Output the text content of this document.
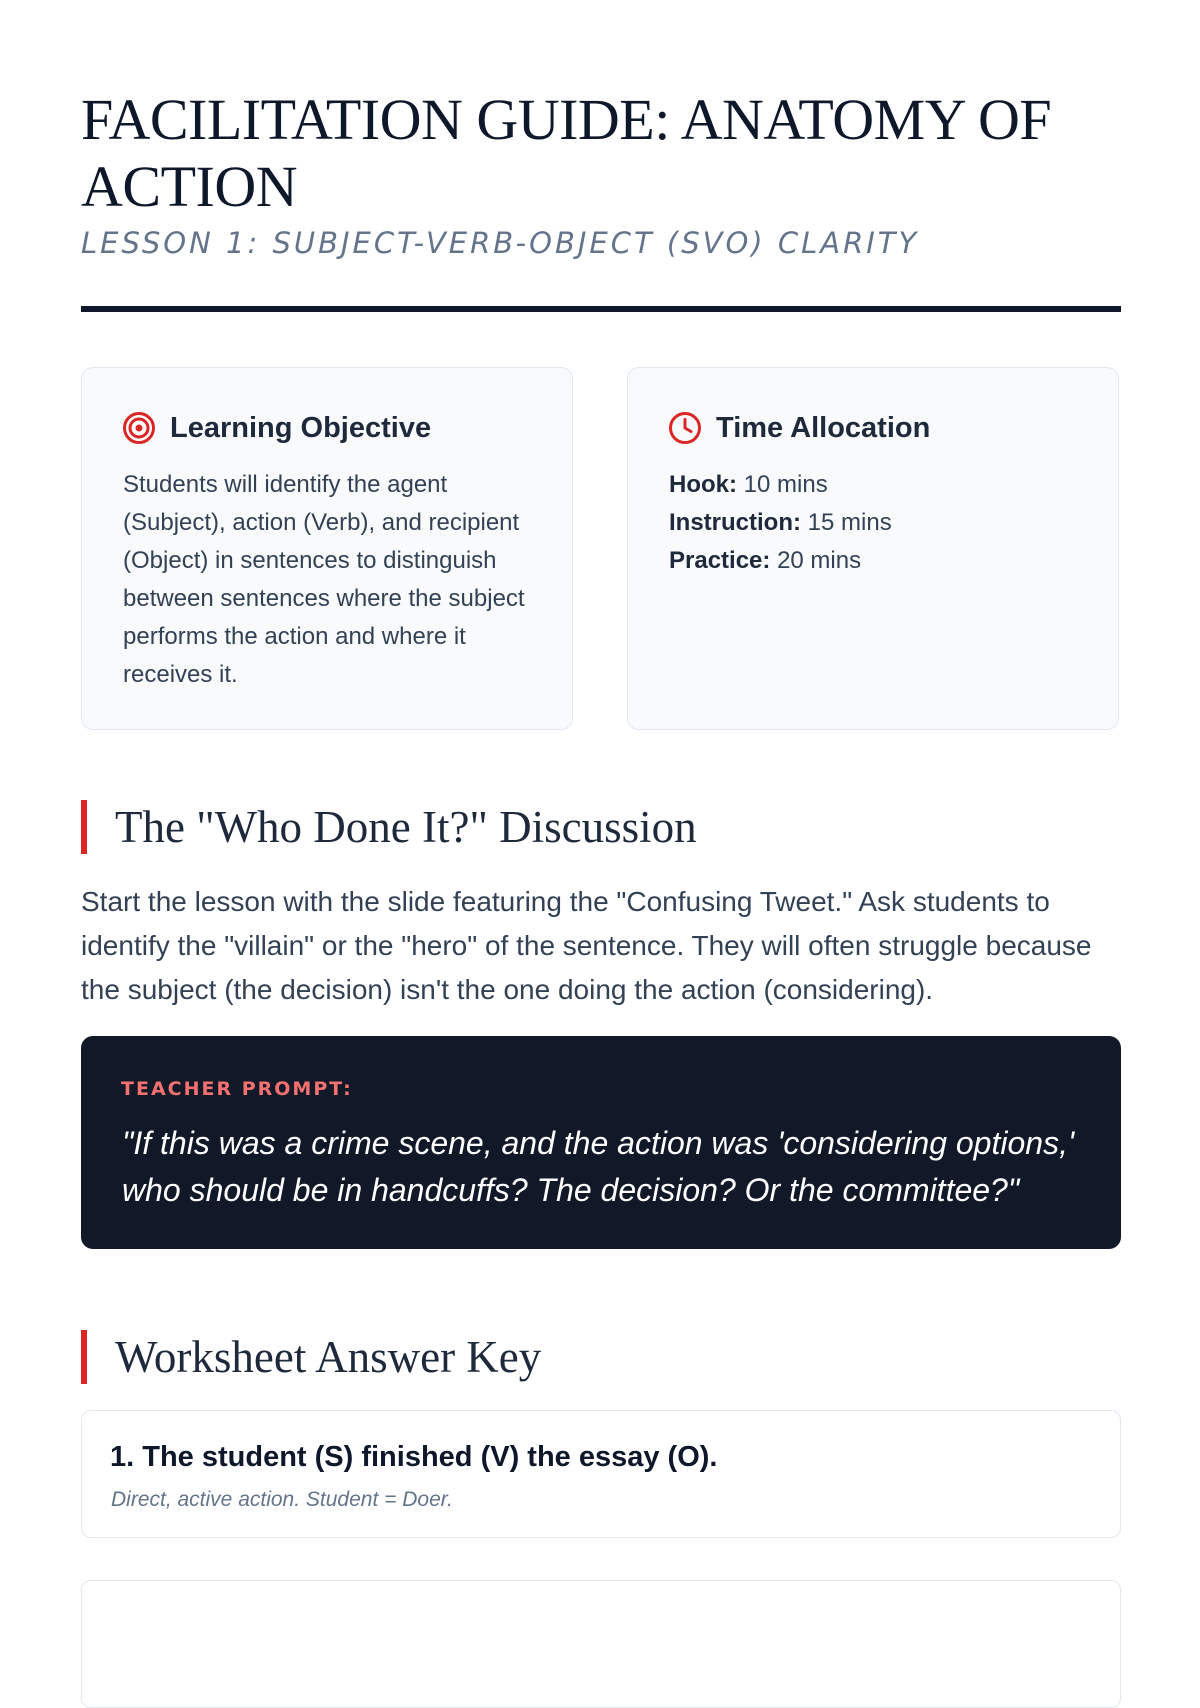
FACILITATION GUIDE: ANATOMY OF ACTION
LESSON 1: SUBJECT-VERB-OBJECT (SVO) CLARITY
Learning Objective

Students will identify the agent (Subject), action (Verb), and recipient (Object) in sentences to distinguish between sentences where the subject performs the action and where it receives it.

Time Allocation
Hook: 10 mins
Instruction: 15 mins
Practice: 20 mins
The "Who Done It?" Discussion

Start the lesson with the slide featuring the "Confusing Tweet." Ask students to identify the "villain" or the "hero" of the sentence. They will often struggle because the subject (the decision) isn't the one doing the action (considering).

TEACHER PROMPT:

"If this was a crime scene, and the action was 'considering options,' who should be in handcuffs? The decision? Or the committee?"

Worksheet Answer Key

1. The student (S) finished (V) the essay (O).

Direct, active action. Student = Doer.
